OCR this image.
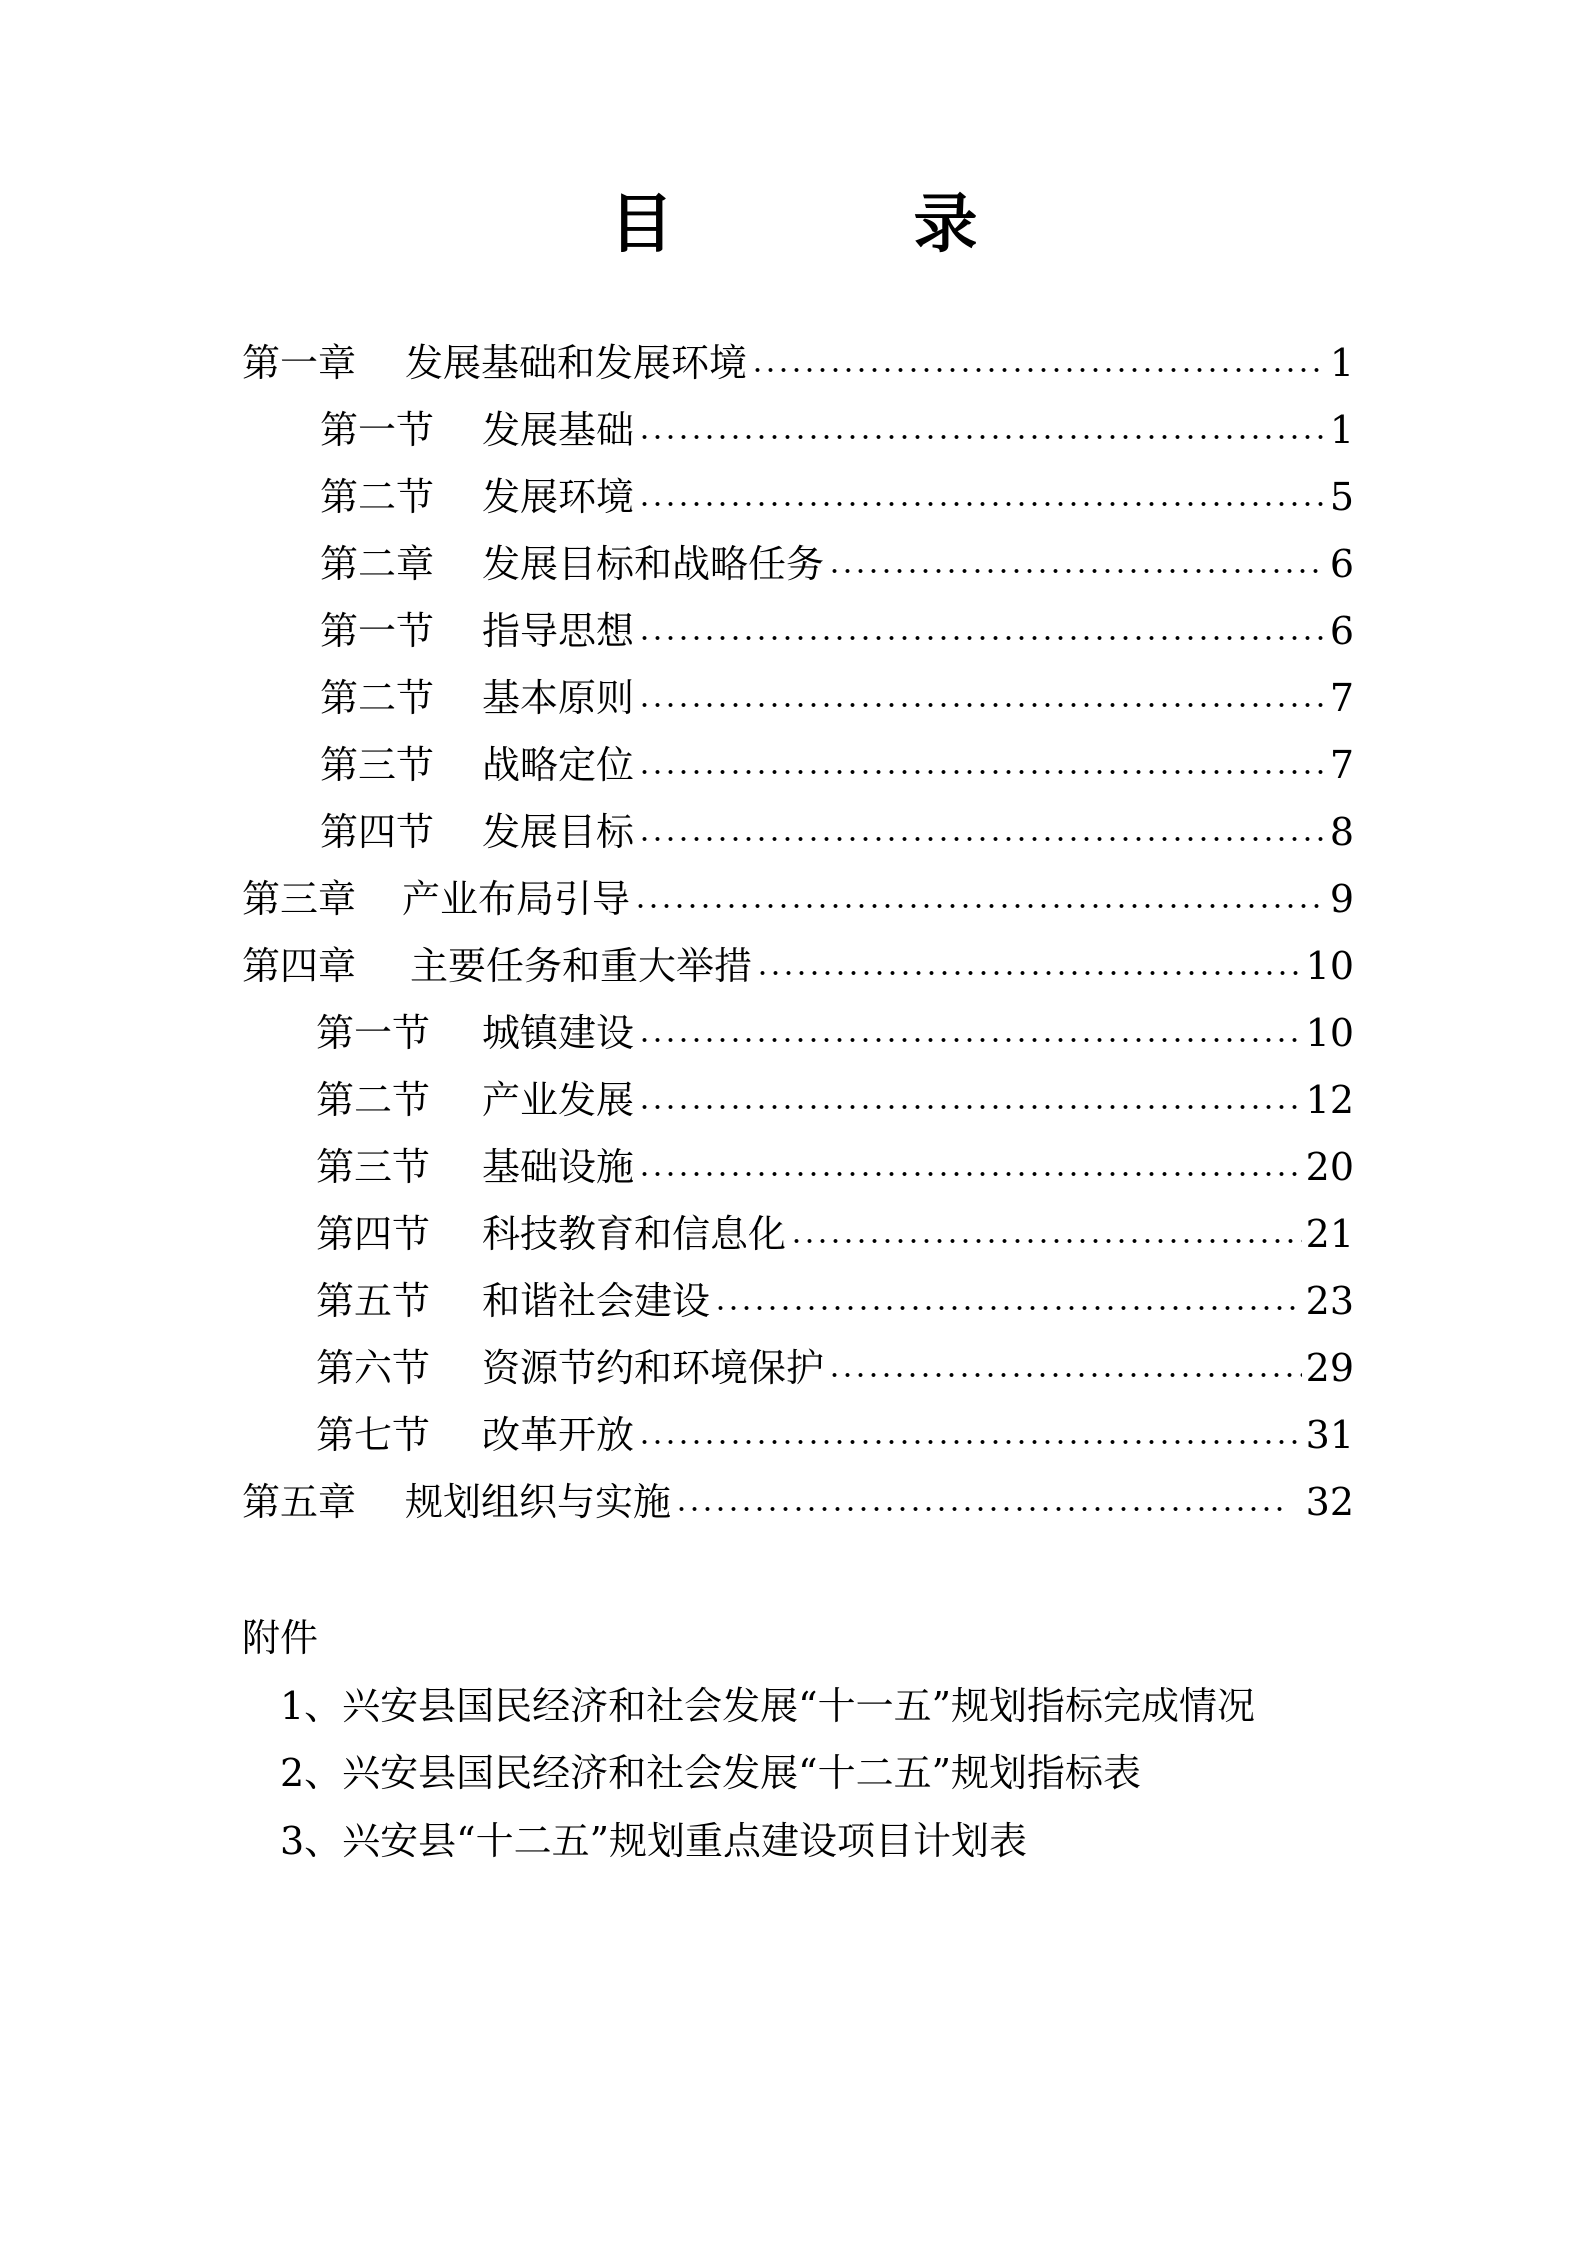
目　录
第一章	发展基础和发展环境	1
第一节	发展基础	1
第二节	发展环境	5
第二章	发展目标和战略任务	6
第一节	指导思想	6
第二节	基本原则	7
第三节	战略定位	7
第四节	发展目标	8
第三章	产业布局引导	9
第四章	主要任务和重大举措	10
第一节	城镇建设	10
第二节	产业发展	12
第三节	基础设施	20
第四节	科技教育和信息化	21
第五节	和谐社会建设	23
第六节	资源节约和环境保护	29
第七节	改革开放	31
第五章	规划组织与实施	32
附件
1、兴安县国民经济和社会发展“十一五”规划指标完成情况
2、兴安县国民经济和社会发展“十二五”规划指标表
3、兴安县“十二五”规划重点建设项目计划表
